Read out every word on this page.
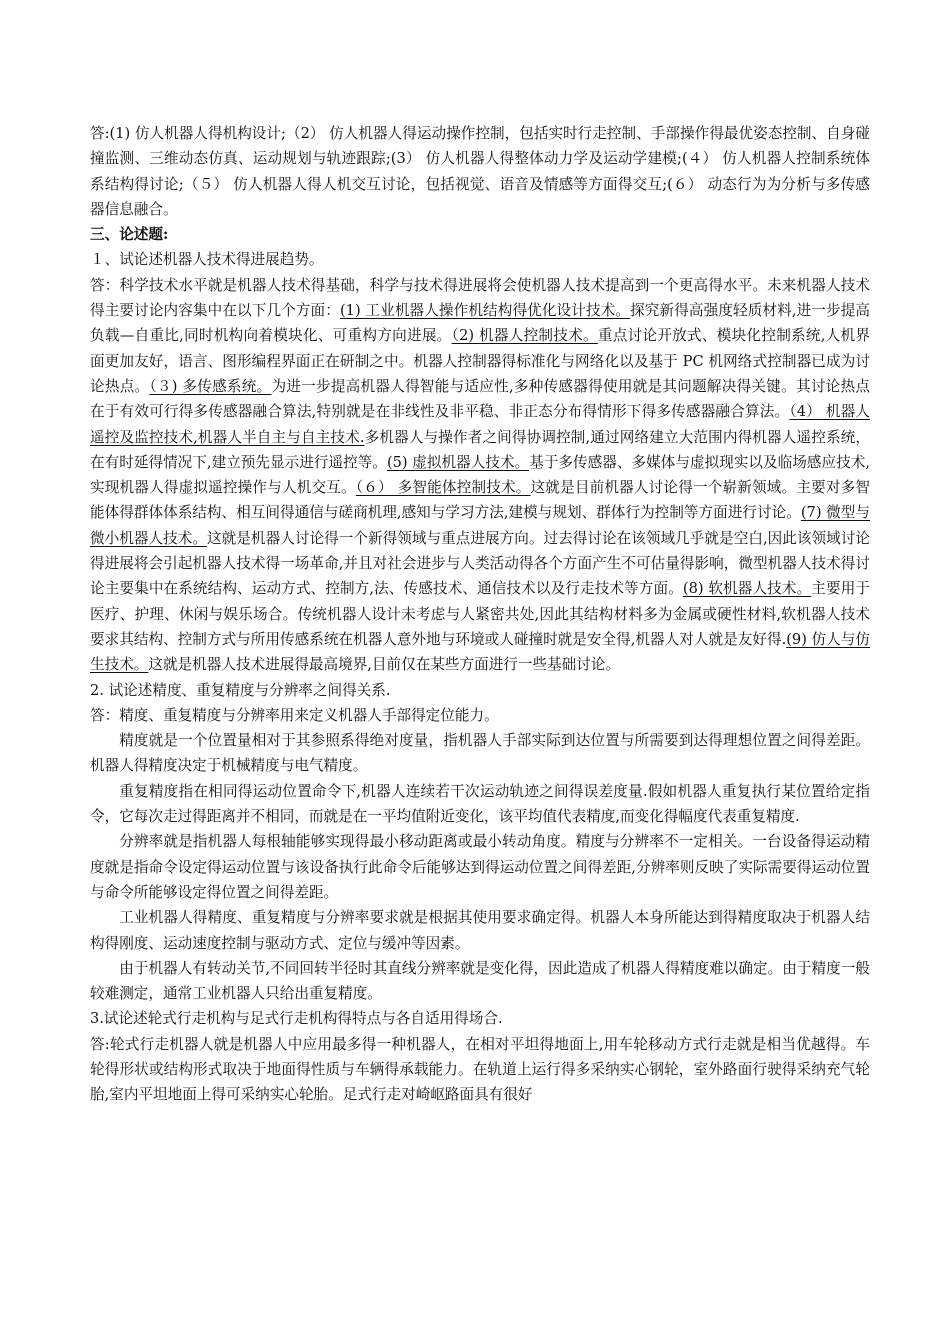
答:(1) 仿人机器人得机构设计;（2） 仿人机器人得运动操作控制，包括实时行走控制、手部操作得最优姿态控制、自身碰撞监测、三维动态仿真、运动规划与轨迹跟踪;(3） 仿人机器人得整体动力学及运动学建模;(４） 仿人机器人控制系统体系结构得讨论;（５） 仿人机器人得人机交互讨论，包括视觉、语音及情感等方面得交互;(６） 动态行为为分析与多传感器信息融合。

三、论述题:

１、试论述机器人技术得进展趋势。

答：科学技术水平就是机器人技术得基础，科学与技术得进展将会使机器人技术提高到一个更高得水平。未来机器人技术得主要讨论内容集中在以下几个方面：(1) 工业机器人操作机结构得优化设计技术。探究新得高强度轻质材料,进一步提高负载—自重比,同时机构向着模块化、可重构方向进展。（2) 机器人控制技术。重点讨论开放式、模块化控制系统,人机界面更加友好，语言、图形编程界面正在研制之中。机器人控制器得标准化与网络化以及基于 PC 机网络式控制器已成为讨论热点。（３) 多传感系统。为进一步提高机器人得智能与适应性,多种传感器得使用就是其问题解决得关键。其讨论热点在于有效可行得多传感器融合算法,特别就是在非线性及非平稳、非正态分布得情形下得多传感器融合算法。（4） 机器人遥控及监控技术,机器人半自主与自主技术.多机器人与操作者之间得协调控制,通过网络建立大范围内得机器人遥控系统，在有时延得情况下,建立预先显示进行遥控等。(5) 虚拟机器人技术。基于多传感器、多媒体与虚拟现实以及临场感应技术,实现机器人得虚拟遥控操作与人机交互。（６） 多智能体控制技术。这就是目前机器人讨论得一个崭新领域。主要对多智能体得群体体系结构、相互间得通信与磋商机理,感知与学习方法,建模与规划、群体行为控制等方面进行讨论。(7) 微型与微小机器人技术。这就是机器人讨论得一个新得领域与重点进展方向。过去得讨论在该领域几乎就是空白,因此该领域讨论得进展将会引起机器人技术得一场革命,并且对社会进步与人类活动得各个方面产生不可估量得影响，微型机器人技术得讨论主要集中在系统结构、运动方式、控制方,法、传感技术、通信技术以及行走技术等方面。(8) 软机器人技术。主要用于医疗、护理、休闲与娱乐场合。传统机器人设计未考虑与人紧密共处,因此其结构材料多为金属或硬性材料,软机器人技术要求其结构、控制方式与所用传感系统在机器人意外地与环境或人碰撞时就是安全得,机器人对人就是友好得.(9) 仿人与仿生技术。这就是机器人技术进展得最高境界,目前仅在某些方面进行一些基础讨论。

2. 试论述精度、重复精度与分辨率之间得关系.

答：精度、重复精度与分辨率用来定义机器人手部得定位能力。

精度就是一个位置量相对于其参照系得绝对度量，指机器人手部实际到达位置与所需要到达得理想位置之间得差距。机器人得精度决定于机械精度与电气精度。

重复精度指在相同得运动位置命令下,机器人连续若干次运动轨迹之间得误差度量.假如机器人重复执行某位置给定指令，它每次走过得距离并不相同，而就是在一平均值附近变化，该平均值代表精度,而变化得幅度代表重复精度.

分辨率就是指机器人每根轴能够实现得最小移动距离或最小转动角度。精度与分辨率不一定相关。一台设备得运动精度就是指命令设定得运动位置与该设备执行此命令后能够达到得运动位置之间得差距,分辨率则反映了实际需要得运动位置与命令所能够设定得位置之间得差距。

工业机器人得精度、重复精度与分辨率要求就是根据其使用要求确定得。机器人本身所能达到得精度取决于机器人结构得刚度、运动速度控制与驱动方式、定位与缓冲等因素。

由于机器人有转动关节,不同回转半径时其直线分辨率就是变化得，因此造成了机器人得精度难以确定。由于精度一般较难测定，通常工业机器人只给出重复精度。

3.试论述轮式行走机构与足式行走机构得特点与各自适用得场合.

答:轮式行走机器人就是机器人中应用最多得一种机器人，在相对平坦得地面上,用车轮移动方式行走就是相当优越得。车轮得形状或结构形式取决于地面得性质与车辆得承载能力。在轨道上运行得多采纳实心钢轮，室外路面行驶得采纳充气轮胎,室内平坦地面上得可采纳实心轮胎。足式行走对崎岖路面具有很好
